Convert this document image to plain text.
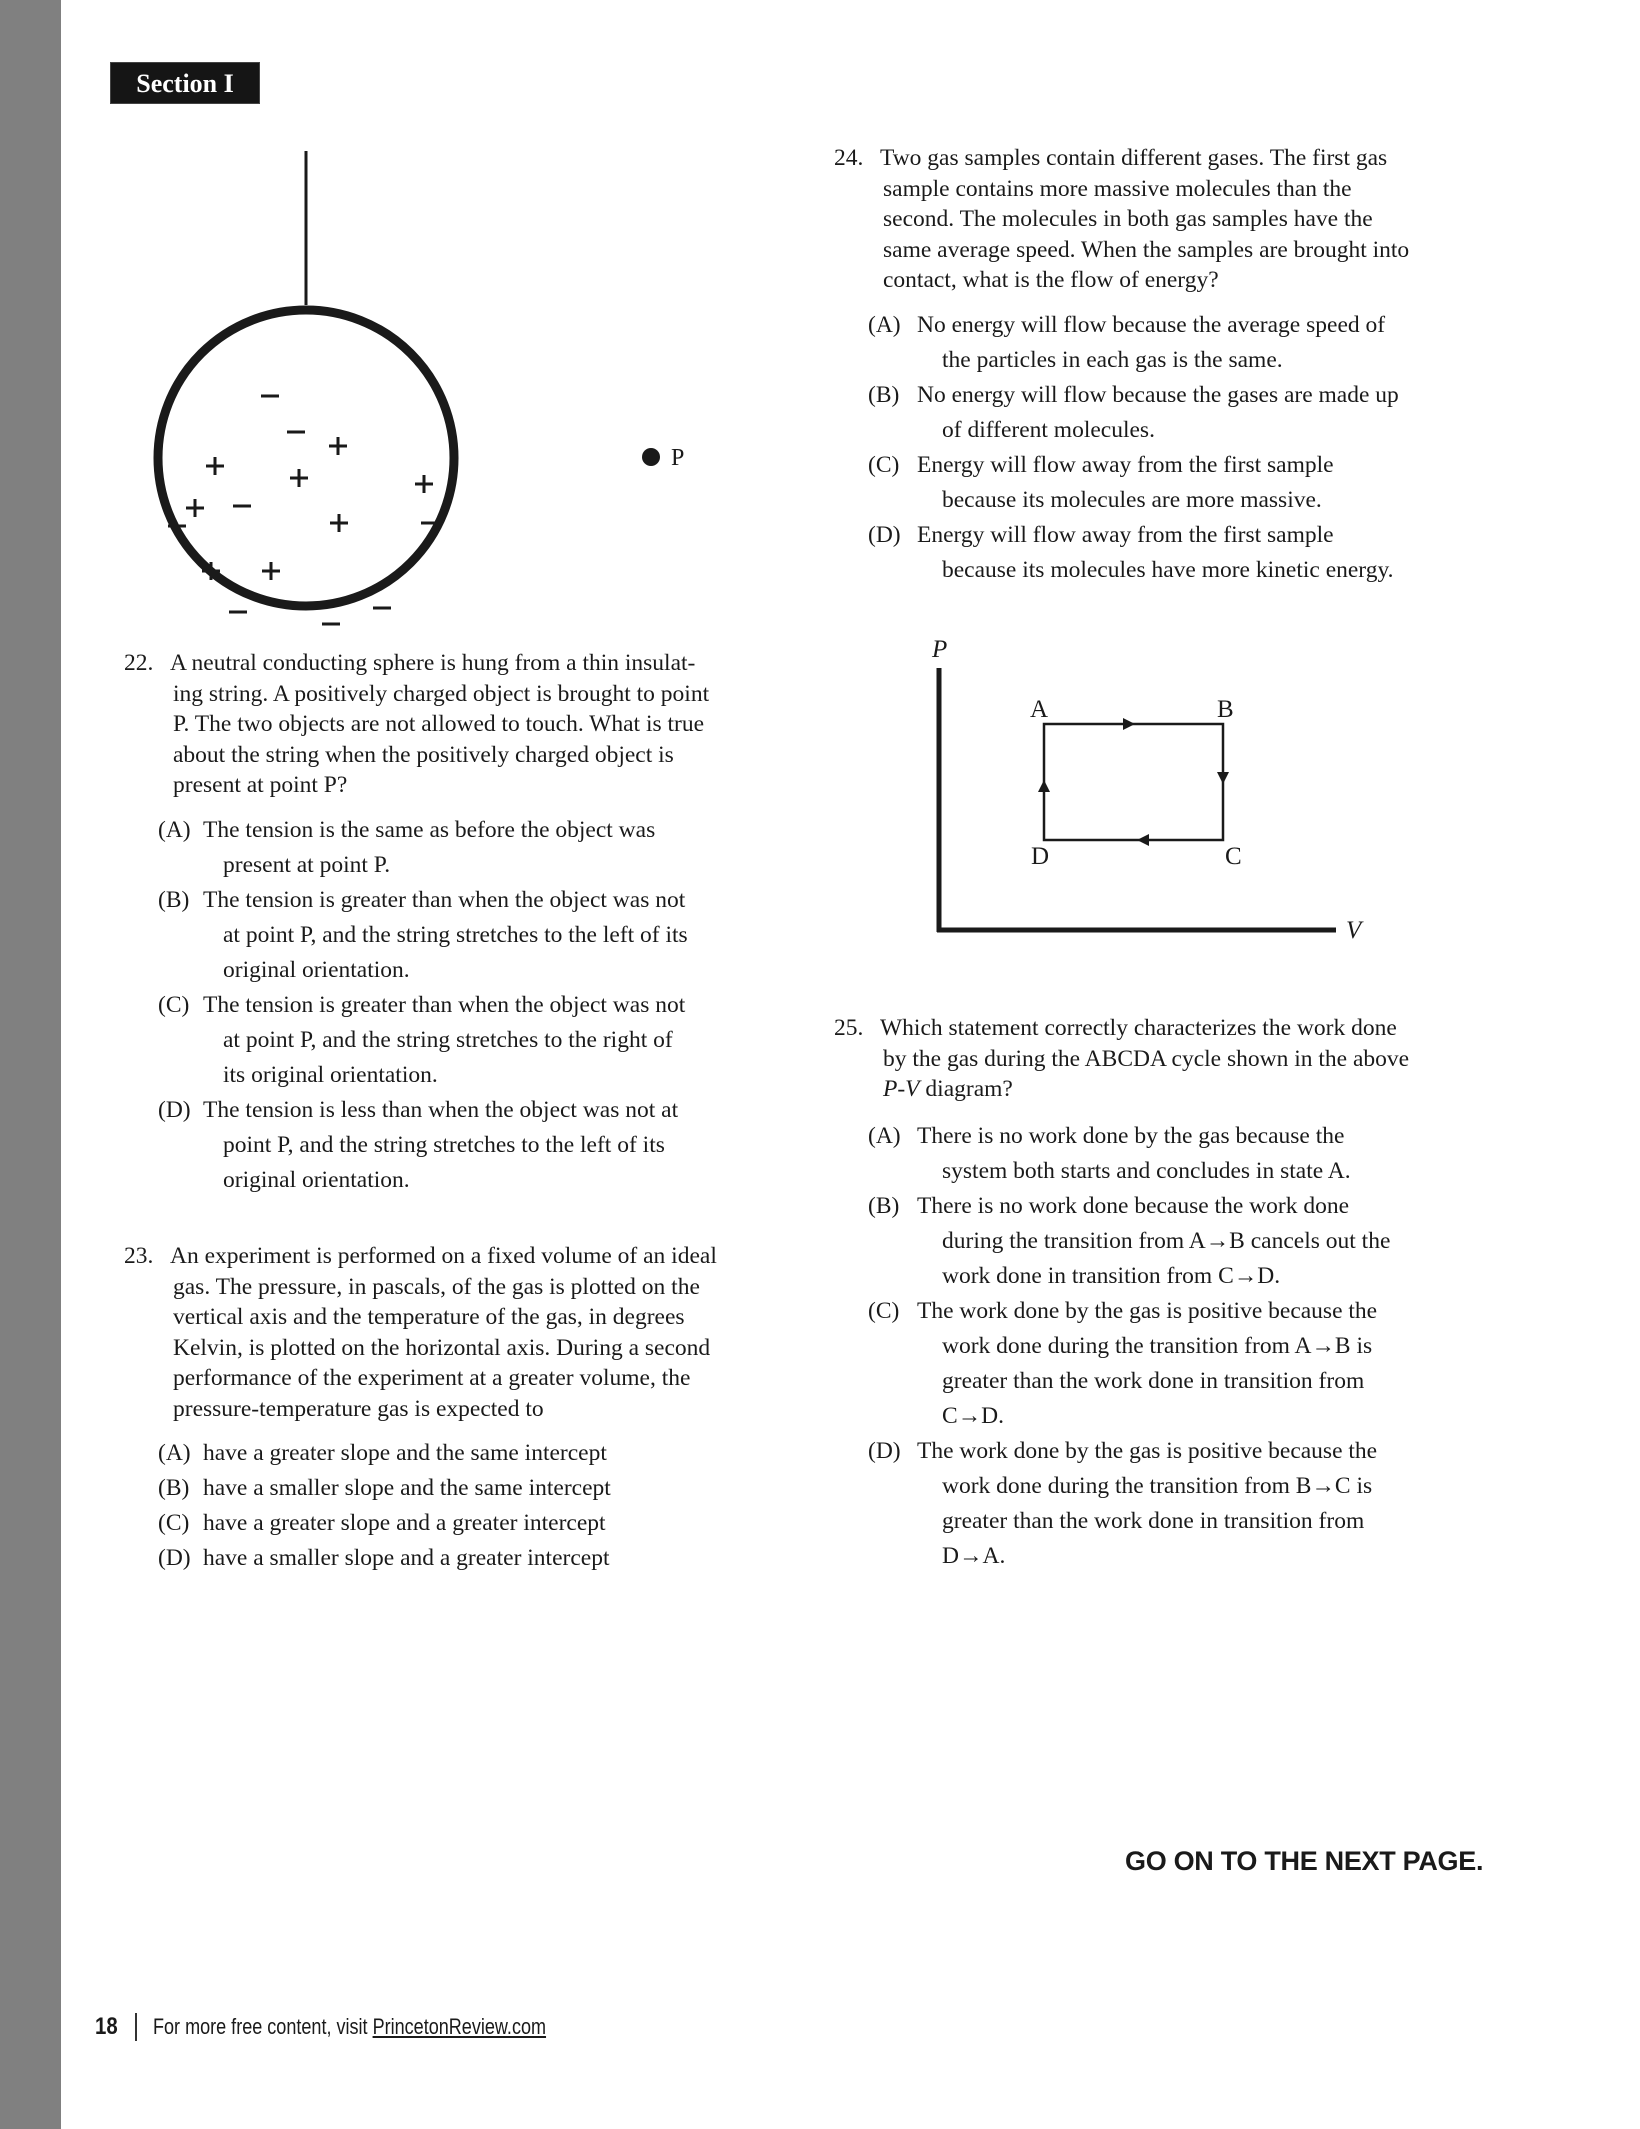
Section I
P
P
V
A	B
C
D
22. A neutral conducting sphere is hung from a thin insulat-
ing string. A positively charged object is brought to point
P. The two objects are not allowed to touch. What is true
about the string when the positively charged object is
present at point P?
(A) The tension is the same as before the object was
present at point P.
(B) The tension is greater than when the object was not
at point P, and the string stretches to the left of its
original orientation.
(C) The tension is greater than when the object was not
at point P, and the string stretches to the right of
its original orientation.
(D) The tension is less than when the object was not at
point P, and the string stretches to the left of its
original orientation.
23. An experiment is performed on a fixed volume of an ideal
gas. The pressure, in pascals, of the gas is plotted on the
vertical axis and the temperature of the gas, in degrees
Kelvin, is plotted on the horizontal axis. During a second
performance of the experiment at a greater volume, the
pressure-temperature gas is expected to
(A) have a greater slope and the same intercept
(B) have a smaller slope and the same intercept
(C) have a greater slope and a greater intercept
(D) have a smaller slope and a greater intercept
24. Two gas samples contain different gases. The first gas
sample contains more massive molecules than the
second. The molecules in both gas samples have the
same average speed. When the samples are brought into
contact, what is the flow of energy?
(A) No energy will flow because the average speed of
the particles in each gas is the same.
(B) No energy will flow because the gases are made up
of different molecules.
(C) Energy will flow away from the first sample
because its molecules are more massive.
(D) Energy will flow away from the first sample
because its molecules have more kinetic energy.
25. Which statement correctly characterizes the work done
by the gas during the ABCDA cycle shown in the above
P-V diagram?
(A) There is no work done by the gas because the
system both starts and concludes in state A.
(B) There is no work done because the work done
during the transition from A→B cancels out the
work done in transition from C→D.
(C) The work done by the gas is positive because the
work done during the transition from A→B is
greater than the work done in transition from
C→D.
(D) The work done by the gas is positive because the
work done during the transition from B→C is
greater than the work done in transition from
D→A.
GO ON TO THE NEXT PAGE.
18 For more free content, visit PrincetonReview.com
